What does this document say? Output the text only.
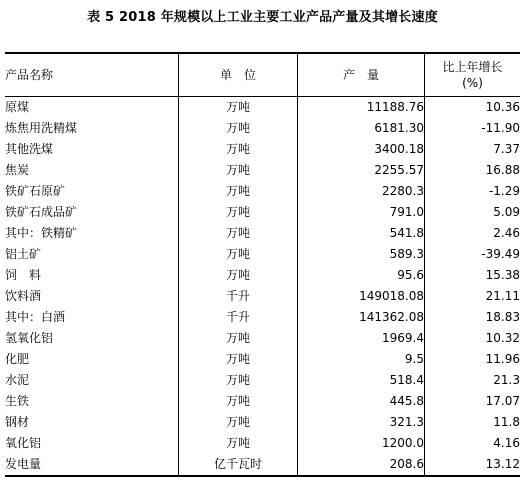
表 5 2018 年规模以上工业主要工业产品产量及其增长速度
产品名称	单　位	产　量	比上年增长
(%)

原煤	万吨	11188.76	10.36
炼焦用洗精煤	万吨	6181.30	-11.90
其他洗煤	万吨	3400.18	7.37
焦炭	万吨	2255.57	16.88
铁矿石原矿	万吨	2280.3	-1.29
铁矿石成品矿	万吨	791.0	5.09
其中：铁精矿	万吨	541.8	2.46
铝土矿	万吨	589.3	-39.49
饲　料	万吨	95.6	15.38
饮料酒	千升	149018.08	21.11
其中：白酒	千升	141362.08	18.83
氢氧化铝	万吨	1969.4	10.32
化肥	万吨	9.5	11.96
水泥	万吨	518.4	21.3
生铁	万吨	445.8	17.07
钢材	万吨	321.3	11.8
氧化铝	万吨	1200.0	4.16
发电量	亿千瓦时	208.6	13.12
